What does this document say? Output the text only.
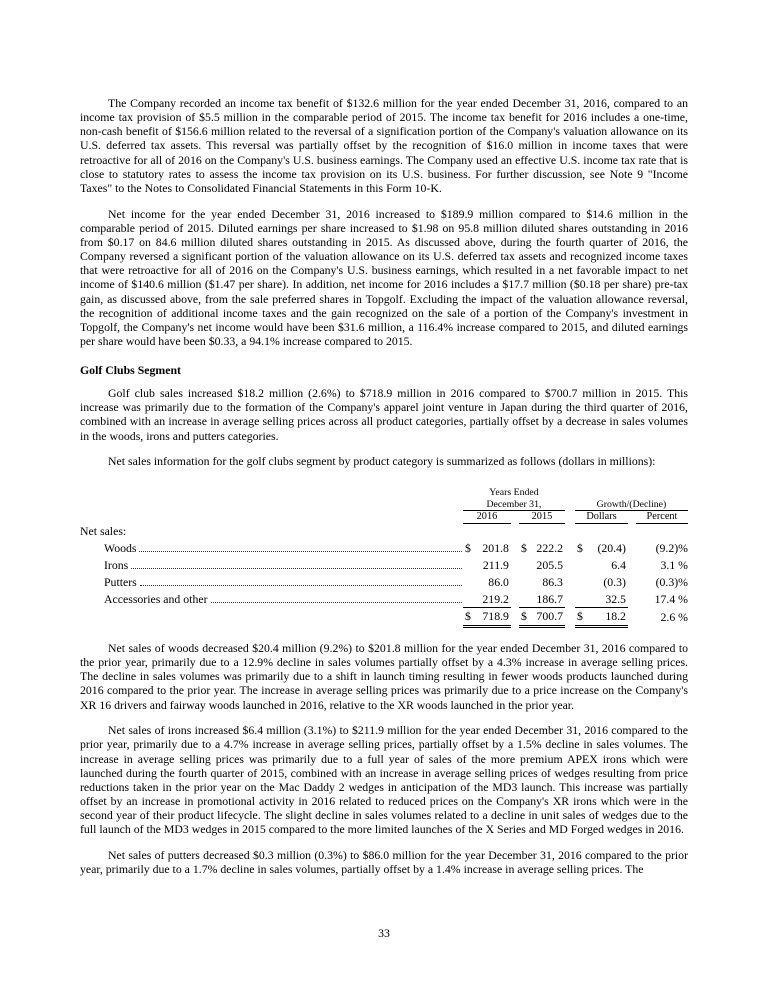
The Company recorded an income tax benefit of $132.6 million for the year ended December 31, 2016, compared to an income tax provision of $5.5 million in the comparable period of 2015. The income tax benefit for 2016 includes a one-time, non-cash benefit of $156.6 million related to the reversal of a signification portion of the Company's valuation allowance on its U.S. deferred tax assets. This reversal was partially offset by the recognition of $16.0 million in income taxes that were retroactive for all of 2016 on the Company's U.S. business earnings. The Company used an effective U.S. income tax rate that is close to statutory rates to assess the income tax provision on its U.S. business. For further discussion, see Note 9 "Income Taxes" to the Notes to Consolidated Financial Statements in this Form 10-K.

Net income for the year ended December 31, 2016 increased to $189.9 million compared to $14.6 million in the comparable period of 2015. Diluted earnings per share increased to $1.98 on 95.8 million diluted shares outstanding in 2016 from $0.17 on 84.6 million diluted shares outstanding in 2015. As discussed above, during the fourth quarter of 2016, the Company reversed a significant portion of the valuation allowance on its U.S. deferred tax assets and recognized income taxes that were retroactive for all of 2016 on the Company's U.S. business earnings, which resulted in a net favorable impact to net income of $140.6 million ($1.47 per share). In addition, net income for 2016 includes a $17.7 million ($0.18 per share) pre-tax gain, as discussed above, from the sale preferred shares in Topgolf. Excluding the impact of the valuation allowance reversal, the recognition of additional income taxes and the gain recognized on the sale of a portion of the Company's investment in Topgolf, the Company's net income would have been $31.6 million, a 116.4% increase compared to 2015, and diluted earnings per share would have been $0.33, a 94.1% increase compared to 2015.

Golf Clubs Segment

Golf club sales increased $18.2 million (2.6%) to $718.9 million in 2016 compared to $700.7 million in 2015. This increase was primarily due to the formation of the Company's apparel joint venture in Japan during the third quarter of 2016, combined with an increase in average selling prices across all product categories, partially offset by a decrease in sales volumes in the woods, irons and putters categories.

Net sales information for the golf clubs segment by product category is summarized as follows (dollars in millions):

	Years Ended
December 31,				Growth/(Decline)		
	2016		2015		Dollars		Percent
Net sales:							

Woods	$ 201.8		$ 222.2		$ (20.4)		(9.2)%

Irons	211.9		205.5		6.4		3.1 %

Putters	86.0		86.3		(0.3)		(0.3)%

Accessories and other	219.2		186.7		32.5		17.4 %

	$ 718.9		$ 700.7		$ 18.2		2.6 %

Net sales of woods decreased $20.4 million (9.2%) to $201.8 million for the year ended December 31, 2016 compared to the prior year, primarily due to a 12.9% decline in sales volumes partially offset by a 4.3% increase in average selling prices. The decline in sales volumes was primarily due to a shift in launch timing resulting in fewer woods products launched during 2016 compared to the prior year. The increase in average selling prices was primarily due to a price increase on the Company's XR 16 drivers and fairway woods launched in 2016, relative to the XR woods launched in the prior year.

Net sales of irons increased $6.4 million (3.1%) to $211.9 million for the year ended December 31, 2016 compared to the prior year, primarily due to a 4.7% increase in average selling prices, partially offset by a 1.5% decline in sales volumes. The increase in average selling prices was primarily due to a full year of sales of the more premium APEX irons which were launched during the fourth quarter of 2015, combined with an increase in average selling prices of wedges resulting from price reductions taken in the prior year on the Mac Daddy 2 wedges in anticipation of the MD3 launch. This increase was partially offset by an increase in promotional activity in 2016 related to reduced prices on the Company's XR irons which were in the second year of their product lifecycle. The slight decline in sales volumes related to a decline in unit sales of wedges due to the full launch of the MD3 wedges in 2015 compared to the more limited launches of the X Series and MD Forged wedges in 2016.

Net sales of putters decreased $0.3 million (0.3%) to $86.0 million for the year December 31, 2016 compared to the prior year, primarily due to a 1.7% decline in sales volumes, partially offset by a 1.4% increase in average selling prices. The

33
